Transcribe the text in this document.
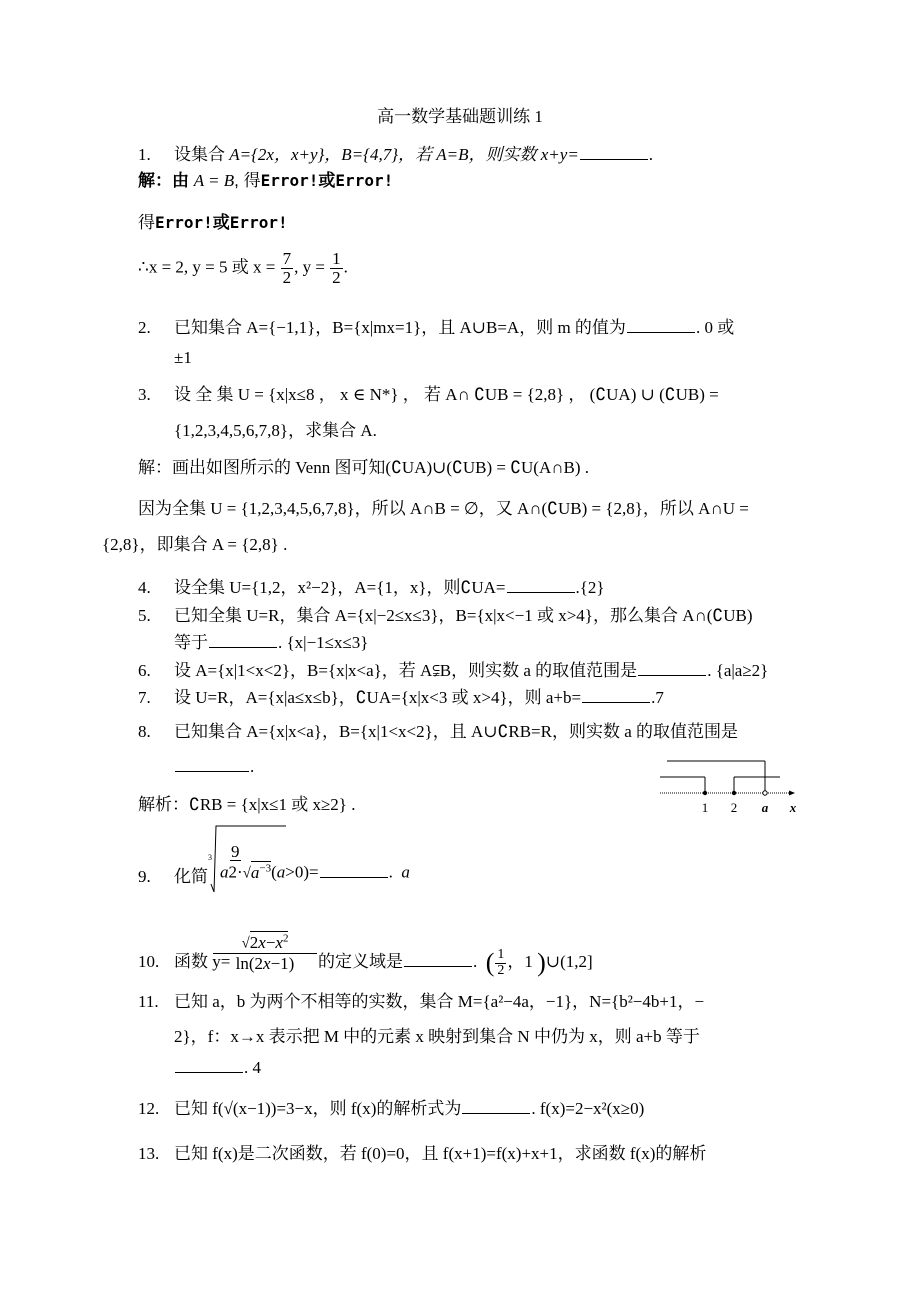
高一数学基础题训练 1
1. 设集合 A={2x，x+y}，B={4,7}，若 A=B，则实数 x+y=	.
解：由 A = B, 得Error!或Error!
得Error!或Error!
∴x = 2, y = 5 或 $x = \frac{7}{2}$ , $y = \frac{1}{2}$ .
2. 已知集合 A={−1,1}，B={x|mx=1}，且 A∪B=A，则 m 的值为	. 0 或
±1
3. 设 全 集 U = {x|x≤8 ， x ∈ N*} ， 若 A∩ ∁UB = {2,8} ， (∁UA) ∪ (∁UB) =
{1,2,3,4,5,6,7,8}，求集合 A.
解：画出如图所示的 Venn 图可知(∁UA)∪(∁UB) = ∁U(A∩B) .
因为全集 U = {1,2,3,4,5,6,7,8}，所以 A∩B = ∅，又 A∩(∁UB) = {2,8}，所以 A∩U =
{2,8}，即集合 A = {2,8} .
4. 设全集 U={1,2，x²−2}，A={1，x}，则∁UA=	.{2}
5. 已知全集 U=R，集合 A={x|−2≤x≤3}，B={x|x<−1 或 x>4}，那么集合 A∩(∁UB)
等于	. {x|−1≤x≤3}
6. 设 A={x|1<x<2}，B={x|x<a}，若 A⫋B，则实数 a 的取值范围是	. {a|a≥2}
7. 设 U=R，A={x|a≤x≤b}，∁UA={x|x<3 或 x>4}，则 a+b=	.7
8. 已知集合 A={x|x<a}，B={x|1<x<2}，且 A∪∁RB=R，则实数 a 的取值范围是
.
解析：∁RB = {x|x≤1 或 x≥2} .	1 2 a x
9. 化简
3	9
$a2\cdot√a^{-3}(a>0)=$	.  a
10. 函数 y=
$√2x-x^2$
ln(2x−1)	的定义域是	.  ( $\frac{1}{2}$ ，1 )∪(1,2]
11. 已知 a，b 为两个不相等的实数，集合 M={a²−4a，−1}，N={b²−4b+1，−
2}，f：x→x 表示把 M 中的元素 x 映射到集合 N 中仍为 x，则 a+b 等于
. 4
12. 已知 f(√(x−1))=3−x，则 f(x)的解析式为	. f(x)=2−x²(x≥0)
13. 已知 f(x)是二次函数，若 f(0)=0，且 f(x+1)=f(x)+x+1，求函数 f(x)的解析
